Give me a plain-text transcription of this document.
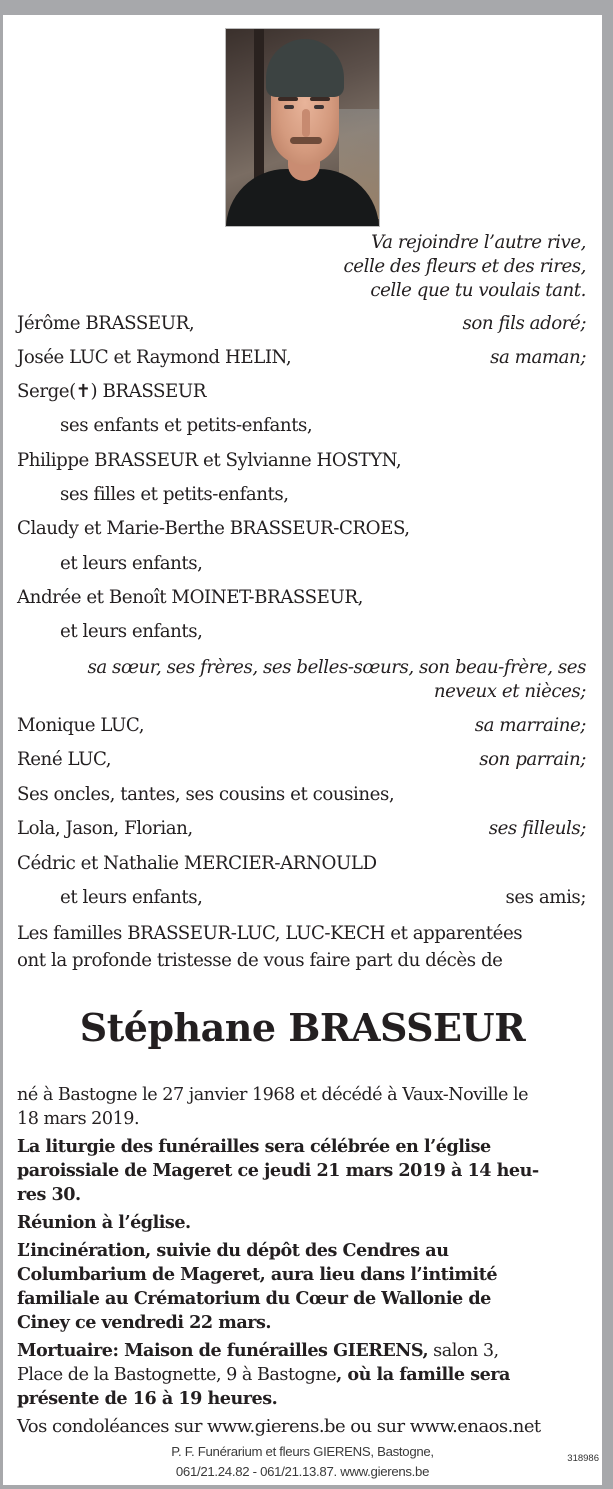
Va rejoindre l’autre rive,
celle des fleurs et des rires,
celle que tu voulais tant.
Jérôme BRASSEUR,	son fils adoré;
Josée LUC et Raymond HELIN,	sa maman;
Serge(✝) BRASSEUR
ses enfants et petits-enfants,
Philippe BRASSEUR et Sylvianne HOSTYN,
ses filles et petits-enfants,
Claudy et Marie-Berthe BRASSEUR-CROES,
et leurs enfants,
Andrée et Benoît MOINET-BRASSEUR,
et leurs enfants,
sa sœur, ses frères, ses belles-sœurs, son beau-frère, ses
neveux et nièces;
Monique LUC,	sa marraine;
René LUC,	son parrain;
Ses oncles, tantes, ses cousins et cousines,
Lola, Jason, Florian,	ses filleuls;
Cédric et Nathalie MERCIER-ARNOULD
et leurs enfants,	ses amis;
Les familles BRASSEUR-LUC, LUC-KECH et apparentées
ont la profonde tristesse de vous faire part du décès de
Stéphane BRASSEUR
né à Bastogne le 27 janvier 1968 et décédé à Vaux-Noville le
18 mars 2019.
La liturgie des funérailles sera célébrée en l’église
paroissiale de Mageret ce jeudi 21 mars 2019 à 14 heu-
res 30.
Réunion à l’église.
L’incinération, suivie du dépôt des Cendres au
Columbarium de Mageret, aura lieu dans l’intimité
familiale au Crématorium du Cœur de Wallonie de
Ciney ce vendredi 22 mars.
Mortuaire: Maison de funérailles GIERENS, salon 3,
Place de la Bastognette, 9 à Bastogne, où la famille sera
présente de 16 à 19 heures.
Vos condoléances sur www.gierens.be ou sur www.enaos.net
P. F. Funérarium et fleurs GIERENS, Bastogne,
061/21.24.82 - 061/21.13.87. www.gierens.be
318986
